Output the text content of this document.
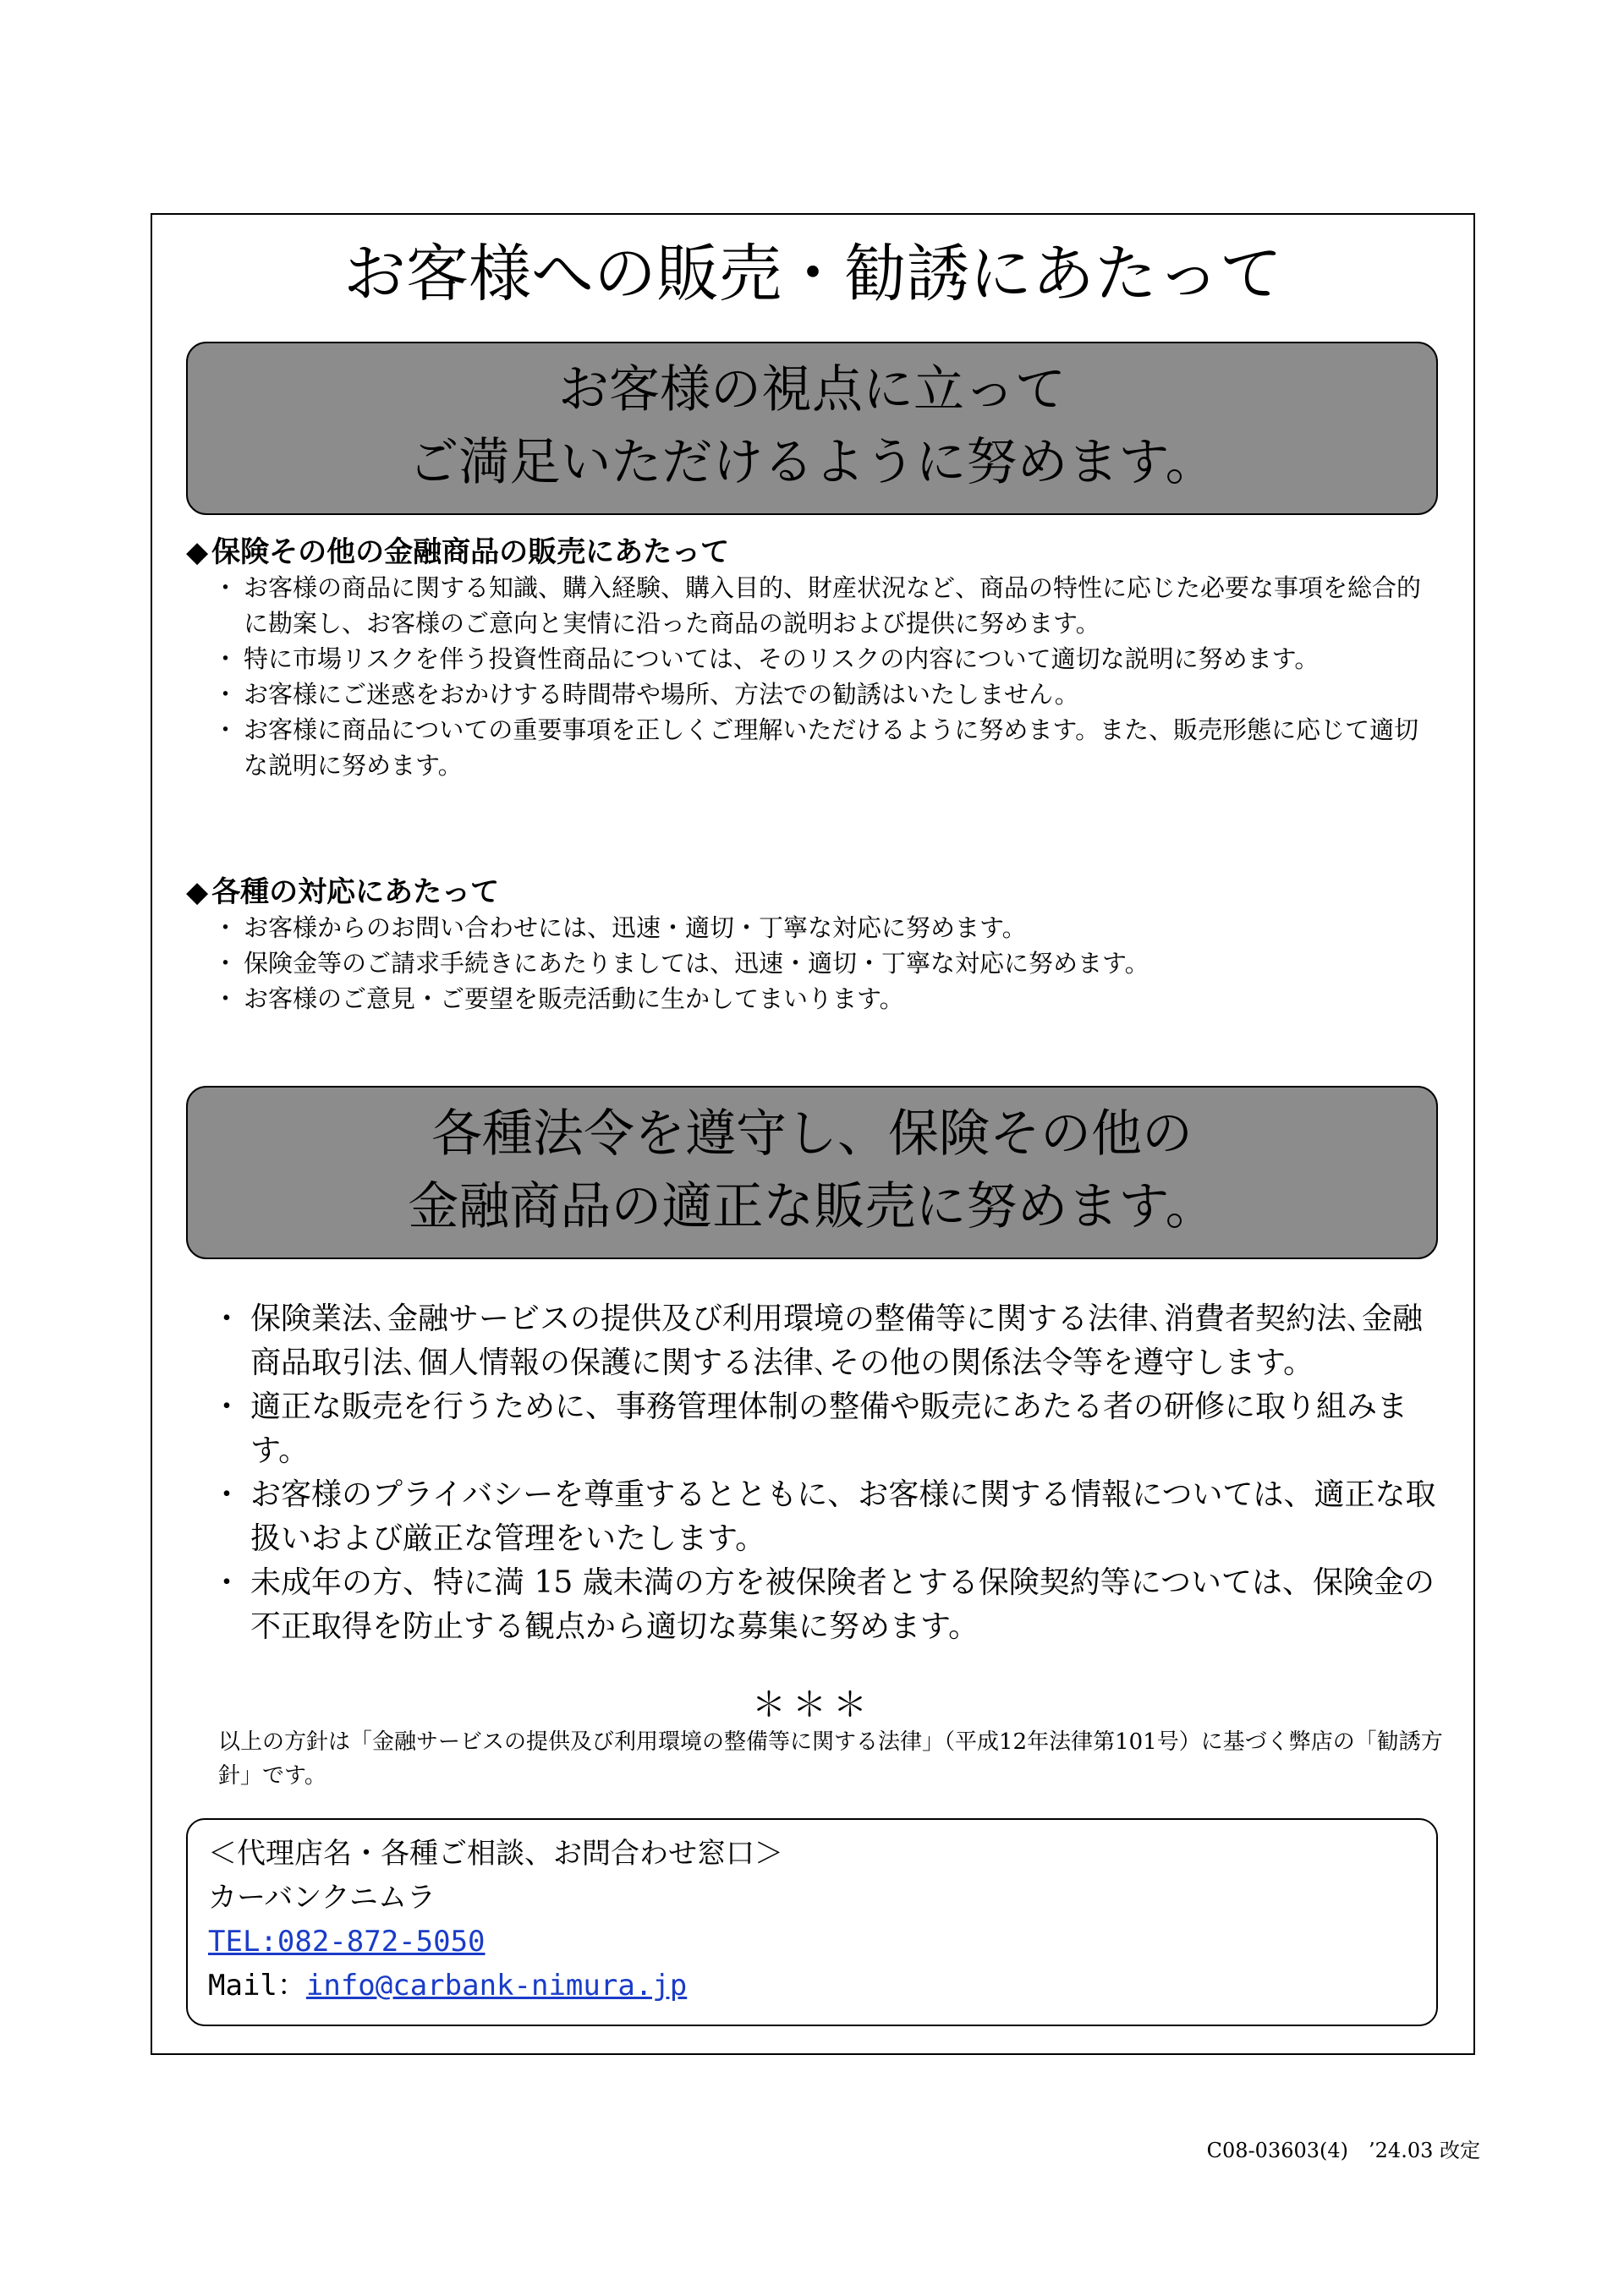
お客様への販売・勧誘にあたって
お客様の視点に立って
ご満足いただけるように努めます。
◆ 保険その他の金融商品の販売にあたって
・ お客様の商品に関する知識、購入経験、購入目的、財産状況など、商品の特性に応じた必要な事項を総合的に勘案し、お客様のご意向と実情に沿った商品の説明および提供に努めます。
・ 特に市場リスクを伴う投資性商品については、そのリスクの内容について適切な説明に努めます。
・ お客様にご迷惑をおかけする時間帯や場所、方法での勧誘はいたしません。
・ お客様に商品についての重要事項を正しくご理解いただけるように努めます。また、販売形態に応じて適切な説明に努めます。
◆ 各種の対応にあたって
・ お客様からのお問い合わせには、迅速・適切・丁寧な対応に努めます。
・ 保険金等のご請求手続きにあたりましては、迅速・適切・丁寧な対応に努めます。
・ お客様のご意見・ご要望を販売活動に生かしてまいります。
各種法令を遵守し、保険その他の
金融商品の適正な販売に努めます。
・ 保険業法､金融サービスの提供及び利用環境の整備等に関する法律､消費者契約法､金融商品取引法､個人情報の保護に関する法律､その他の関係法令等を遵守します。
・ 適正な販売を行うために、事務管理体制の整備や販売にあたる者の研修に取り組みます。
・ お客様のプライバシーを尊重するとともに、お客様に関する情報については、適正な取扱いおよび厳正な管理をいたします。
・ 未成年の方、特に満 15 歳未満の方を被保険者とする保険契約等については、保険金の不正取得を防止する観点から適切な募集に努めます。
＊＊＊

以上の方針は「金融サービスの提供及び利用環境の整備等に関する法律」（平成12年法律第101号）に基づく弊店の「勧誘方針」です。

＜代理店名・各種ご相談、お問合わせ窓口＞
カーバンクニムラ
TEL:082-872-5050
Mail：info@carbank-nimura.jp
C08-03603(4)　’24.03 改定
